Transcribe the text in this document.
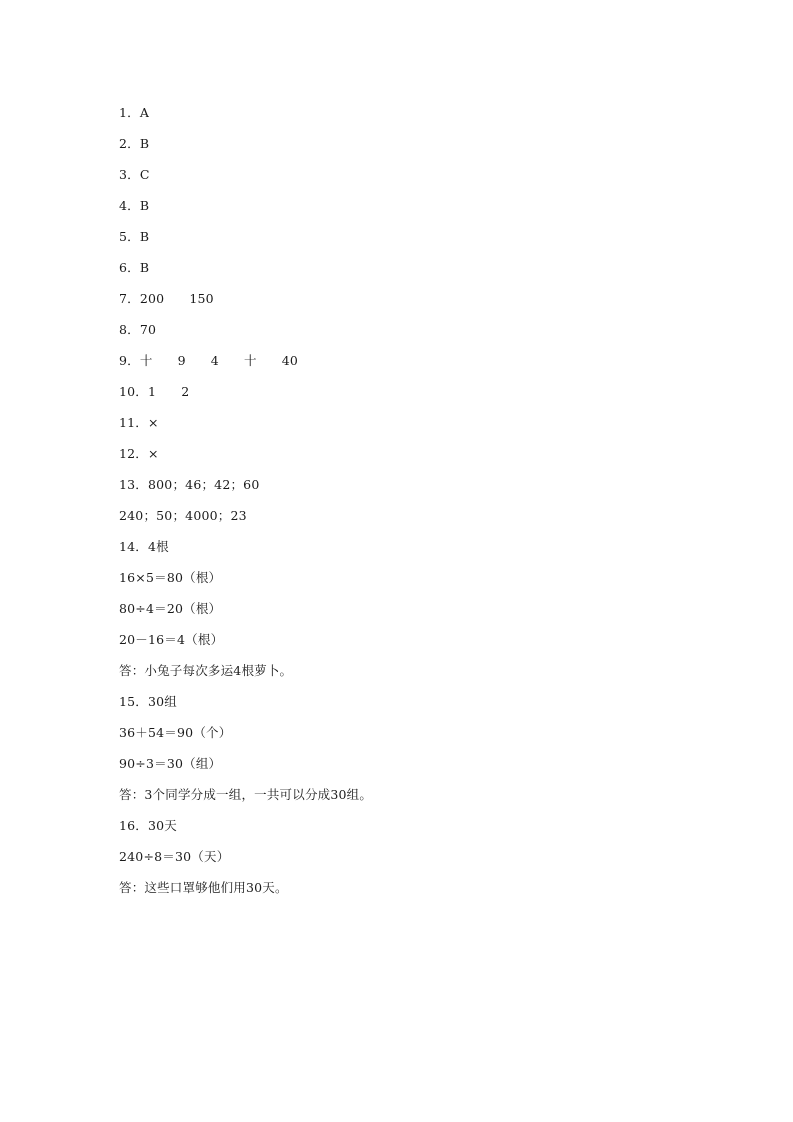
1．A
2．B
3．C
4．B
5．B
6．B
7．200      150
8．70
9．十      9      4      十      40
10．1      2
11．×
12．×
13．800；46；42；60
240；50；4000；23
14．4根
16×5＝80（根）
80÷4＝20（根）
20－16＝4（根）
答：小兔子每次多运4根萝卜。
15．30组
36＋54＝90（个）
90÷3＝30（组）
答：3个同学分成一组，一共可以分成30组。
16．30天
240÷8＝30（天）
答：这些口罩够他们用30天。
